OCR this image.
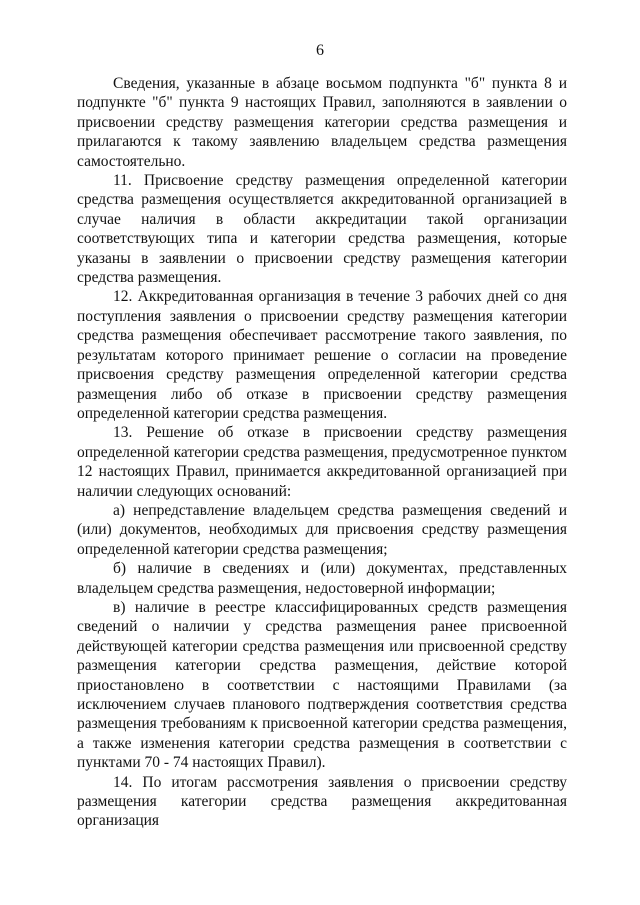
6

Сведения, указанные в абзаце восьмом подпункта "б" пункта 8 и подпункте "б" пункта 9 настоящих Правил, заполняются в заявлении о присвоении средству размещения категории средства размещения и прилагаются к такому заявлению владельцем средства размещения самостоятельно.

11. Присвоение средству размещения определенной категории средства размещения осуществляется аккредитованной организацией в случае наличия в области аккредитации такой организации соответствующих типа и категории средства размещения, которые указаны в заявлении о присвоении средству размещения категории средства размещения.

12. Аккредитованная организация в течение 3 рабочих дней со дня поступления заявления о присвоении средству размещения категории средства размещения обеспечивает рассмотрение такого заявления, по результатам которого принимает решение о согласии на проведение присвоения средству размещения определенной категории средства размещения либо об отказе в присвоении средству размещения определенной категории средства размещения.

13. Решение об отказе в присвоении средству размещения определенной категории средства размещения, предусмотренное пунктом 12 настоящих Правил, принимается аккредитованной организацией при наличии следующих оснований:

а) непредставление владельцем средства размещения сведений и (или) документов, необходимых для присвоения средству размещения определенной категории средства размещения;

б) наличие в сведениях и (или) документах, представленных владельцем средства размещения, недостоверной информации;

в) наличие в реестре классифицированных средств размещения сведений о наличии у средства размещения ранее присвоенной действующей категории средства размещения или присвоенной средству размещения категории средства размещения, действие которой приостановлено в соответствии с настоящими Правилами (за исключением случаев планового подтверждения соответствия средства размещения требованиям к присвоенной категории средства размещения, а также изменения категории средства размещения в соответствии с пунктами 70 - 74 настоящих Правил).

14. По итогам рассмотрения заявления о присвоении средству размещения категории средства размещения аккредитованная организация
